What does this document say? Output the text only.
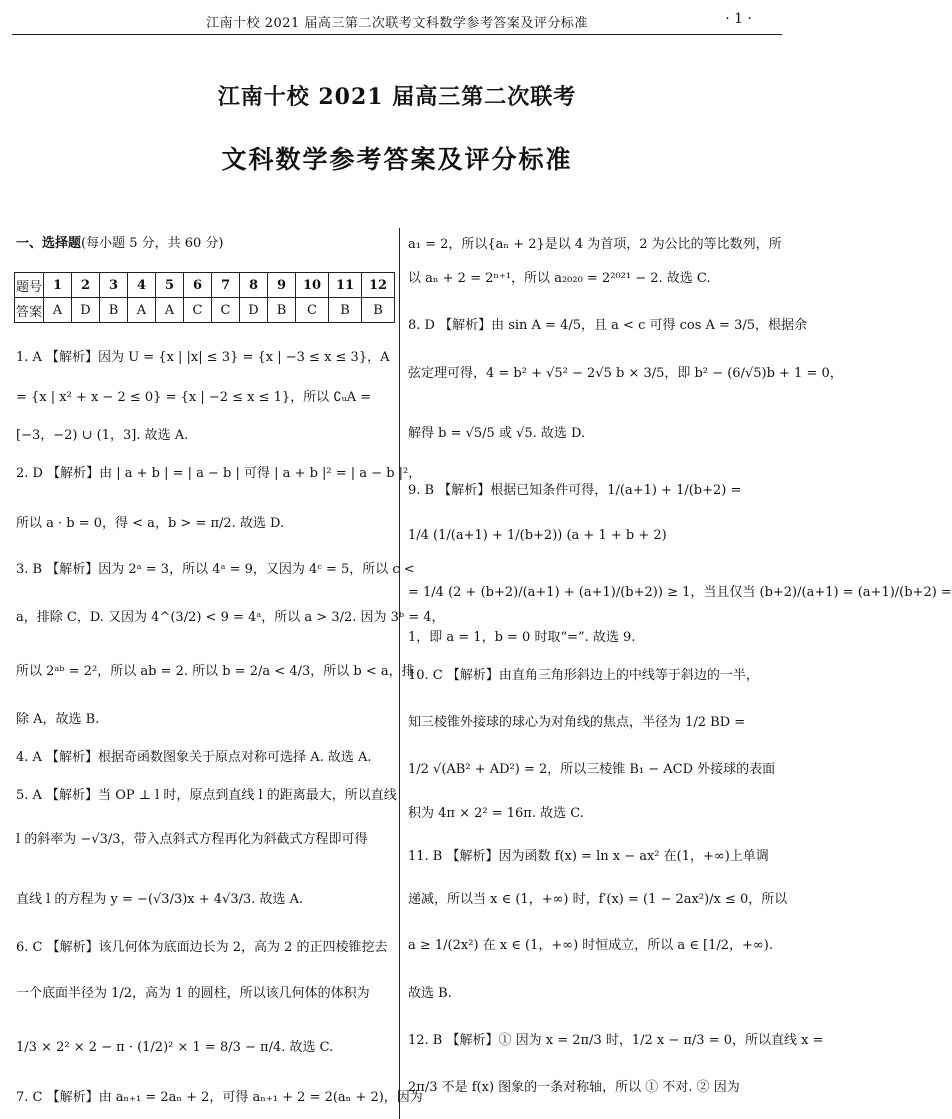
江南十校 2021 届高三第二次联考文科数学参考答案及评分标准	· 1 ·
江南十校 2021 届高三第二次联考
文科数学参考答案及评分标准
一、选择题(每小题 5 分，共 60 分)
题号	1	2	3	4	5	6	7	8	9	10	11	12
答案	A	D	B	A	A	C	C	D	B	C	B	B
1. A 【解析】因为 U = {x | |x| ≤ 3} = {x | −3 ≤ x ≤ 3}，A
= {x | x² + x − 2 ≤ 0} = {x | −2 ≤ x ≤ 1}，所以 ∁ᵤA =
[−3，−2) ∪ (1，3]. 故选 A.
2. D 【解析】由 | a + b | = | a − b | 可得 | a + b |² = | a − b |²，
所以 a · b = 0，得 < a，b > = π/2. 故选 D.
3. B 【解析】因为 2ᵃ = 3，所以 4ᵃ = 9，又因为 4ᶜ = 5，所以 c <
a，排除 C，D. 又因为 4^(3/2) < 9 = 4ᵃ，所以 a > 3/2. 因为 3ᵇ = 4，
所以 2ᵃᵇ = 2²，所以 ab = 2. 所以 b = 2/a < 4/3，所以 b < a，排
除 A，故选 B.
4. A 【解析】根据奇函数图象关于原点对称可选择 A. 故选 A.
5. A 【解析】当 OP ⊥ l 时，原点到直线 l 的距离最大，所以直线
l 的斜率为 −√3/3，带入点斜式方程再化为斜截式方程即可得
直线 l 的方程为 y = −(√3/3)x + 4√3/3. 故选 A.
6. C 【解析】该几何体为底面边长为 2，高为 2 的正四棱锥挖去
一个底面半径为 1/2，高为 1 的圆柱，所以该几何体的体积为
1/3 × 2² × 2 − π · (1/2)² × 1 = 8/3 − π/4. 故选 C.
7. C 【解析】由 aₙ₊₁ = 2aₙ + 2，可得 aₙ₊₁ + 2 = 2(aₙ + 2)，因为
a₁ = 2，所以{aₙ + 2}是以 4 为首项，2 为公比的等比数列，所
以 aₙ + 2 = 2ⁿ⁺¹，所以 a₂₀₂₀ = 2²⁰²¹ − 2. 故选 C.
8. D 【解析】由 sin A = 4/5，且 a < c 可得 cos A = 3/5，根据余
弦定理可得，4 = b² + √5² − 2√5 b × 3/5，即 b² − (6/√5)b + 1 = 0，
解得 b = √5/5 或 √5. 故选 D.
9. B 【解析】根据已知条件可得，1/(a+1) + 1/(b+2) =
1/4 (1/(a+1) + 1/(b+2)) (a + 1 + b + 2)
= 1/4 (2 + (b+2)/(a+1) + (a+1)/(b+2)) ≥ 1，当且仅当 (b+2)/(a+1) = (a+1)/(b+2) =
1，即 a = 1，b = 0 时取“=”. 故选 9.
10. C 【解析】由直角三角形斜边上的中线等于斜边的一半，
知三棱锥外接球的球心为对角线的焦点，半径为 1/2 BD =
1/2 √(AB² + AD²) = 2，所以三棱锥 B₁ − ACD 外接球的表面
积为 4π × 2² = 16π. 故选 C.
11. B 【解析】因为函数 f(x) = ln x − ax² 在(1，+∞)上单调
递减，所以当 x ∈ (1，+∞) 时，f′(x) = (1 − 2ax²)/x ≤ 0，所以
a ≥ 1/(2x²) 在 x ∈ (1，+∞) 时恒成立，所以 a ∈ [1/2，+∞).
故选 B.
12. B 【解析】① 因为 x = 2π/3 时，1/2 x − π/3 = 0，所以直线 x =
2π/3 不是 f(x) 图象的一条对称轴，所以 ① 不对. ② 因为
